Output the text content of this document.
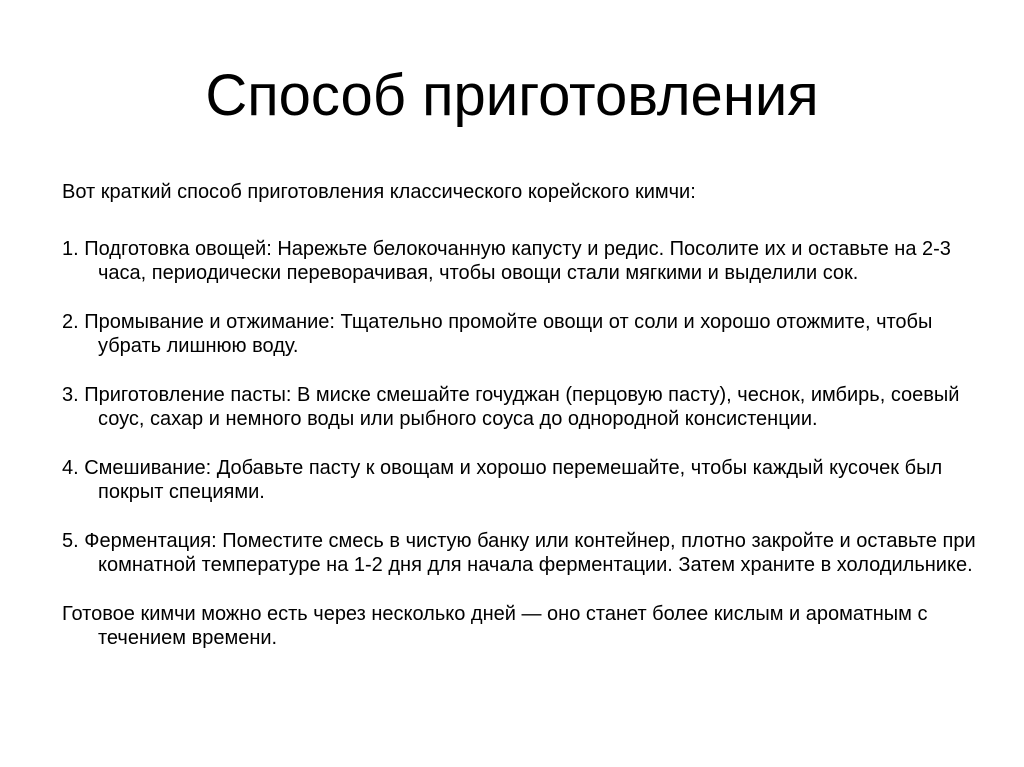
Способ приготовления

Вот краткий способ приготовления классического корейского кимчи:

1. Подготовка овощей: Нарежьте белокочанную капусту и редис. Посолите их и оставьте на 2-3 часа, периодически переворачивая, чтобы овощи стали мягкими и выделили сок.

2. Промывание и отжимание: Тщательно промойте овощи от соли и хорошо отожмите, чтобы убрать лишнюю воду.

3. Приготовление пасты: В миске смешайте гочуджан (перцовую пасту), чеснок, имбирь, соевый соус, сахар и немного воды или рыбного соуса до однородной консистенции.

4. Смешивание: Добавьте пасту к овощам и хорошо перемешайте, чтобы каждый кусочек был покрыт специями.

5. Ферментация: Поместите смесь в чистую банку или контейнер, плотно закройте и оставьте при комнатной температуре на 1-2 дня для начала ферментации. Затем храните в холодильнике.

Готовое кимчи можно есть через несколько дней — оно станет более кислым и ароматным с течением времени.
